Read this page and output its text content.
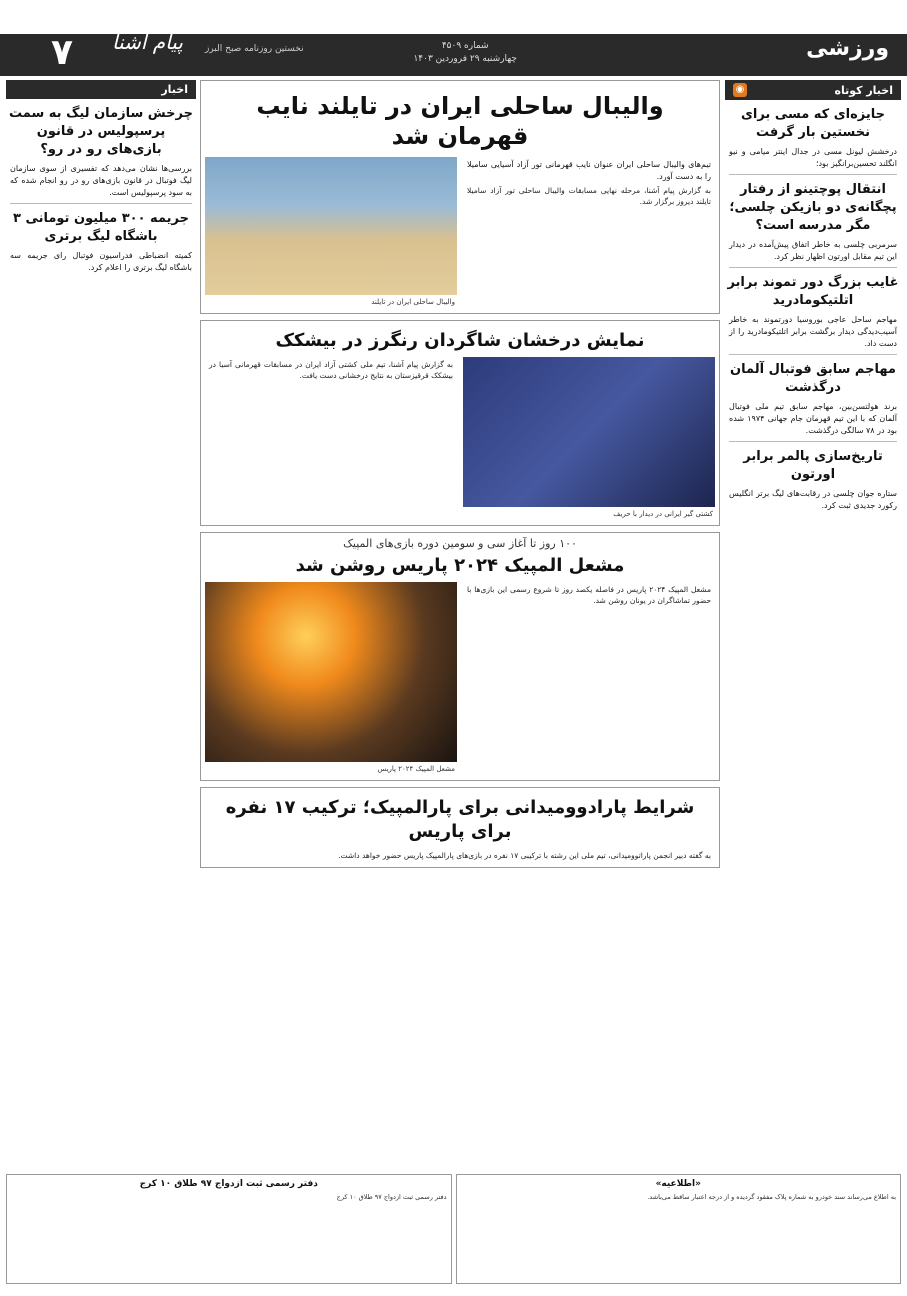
ورزشی
شماره ۴۵۰۹
چهارشنبه ۲۹ فروردین ۱۴۰۳
نخستین روزنامه صبح البرز
پیام آشنا
۷
اخبار کوتاه
◉
جایزه‌ای که مسی برای نخستین بار گرفت
درخشش لیونل مسی در جدال اینتر میامی و نیو انگلند تحسین‌برانگیز بود؛
انتقال پوچتینو از رفتار پچگانه‌ی دو بازیکن چلسی؛ مگر مدرسه است؟
سرمربی چلسی به خاطر اتفاق پیش‌آمده در دیدار این تیم مقابل اورتون اظهار نظر کرد.
غایب بزرگ دور تموند برابر اتلتیکومادرید
مهاجم ساحل عاجی بوروسیا دورتموند به خاطر آسیب‌دیدگی دیدار برگشت برابر اتلتیکومادرید را از دست داد.
مهاجم سابق فوتبال آلمان درگذشت
برند هولتسن‌بین، مهاجم سابق تیم ملی فوتبال آلمان که با این تیم قهرمان جام جهانی ۱۹۷۴ شده بود در ۷۸ سالگی درگذشت.
تاریخ‌سازی پالمر برابر اورتون
ستاره جوان چلسی در رقابت‌های لیگ برتر انگلیس رکورد جدیدی ثبت کرد.
اخبار
چرخش سازمان لیگ به سمت پرسپولیس در قانون بازی‌های رو در رو؟
بررسی‌ها نشان می‌دهد که تفسیری از سوی سازمان لیگ فوتبال در قانون بازی‌های رو در رو انجام شده که به سود پرسپولیس است.
جریمه ۳۰۰ میلیون تومانی ۳ باشگاه لیگ برتری
کمیته انضباطی فدراسیون فوتبال رای جریمه سه باشگاه لیگ برتری را اعلام کرد.
والیبال ساحلی ایران در تایلند نایب قهرمان شد
تیم‌های والیبال ساحلی ایران عنوان نایب قهرمانی تور آزاد آسیایی سامیلا را به دست آورد.
به گزارش پیام آشنا، مرحله نهایی مسابقات والیبال ساحلی تور آزاد سامیلا تایلند دیروز برگزار شد.
والیبال ساحلی ایران در تایلند
نمایش درخشان شاگردان رنگرز در بیشکک
کشتی گیر ایرانی در دیدار با حریف
به گزارش پیام آشنا، تیم ملی کشتی آزاد ایران در مسابقات قهرمانی آسیا در بیشکک قرقیزستان به نتایج درخشانی دست یافت.
۱۰۰ روز تا آغاز سی و سومین دوره بازی‌های المپیک
مشعل المپیک ۲۰۲۴ پاریس روشن شد
مشعل المپیک ۲۰۲۴ پاریس در فاصله یکصد روز تا شروع رسمی این بازی‌ها با حضور تماشاگران در یونان روشن شد.
مشعل المپیک ۲۰۲۴ پاریس
شرایط پارادوومیدانی برای پارالمپیک؛ ترکیب ۱۷ نفره برای پاریس
به گفته دبیر انجمن پاراتوومیدانی، تیم ملی این رشته با ترکیبی ۱۷ نفره در بازی‌های پارالمپیک پاریس حضور خواهد داشت.
«اطلاعیه»
به اطلاع می‌رساند سند خودرو به شماره پلاک مفقود گردیده و از درجه اعتبار ساقط می‌باشد.
دفتر رسمی ثبت ازدواج ۹۷ طلاق ۱۰ کرج
دفتر رسمی ثبت ازدواج ۹۷ طلاق ۱۰ کرج
